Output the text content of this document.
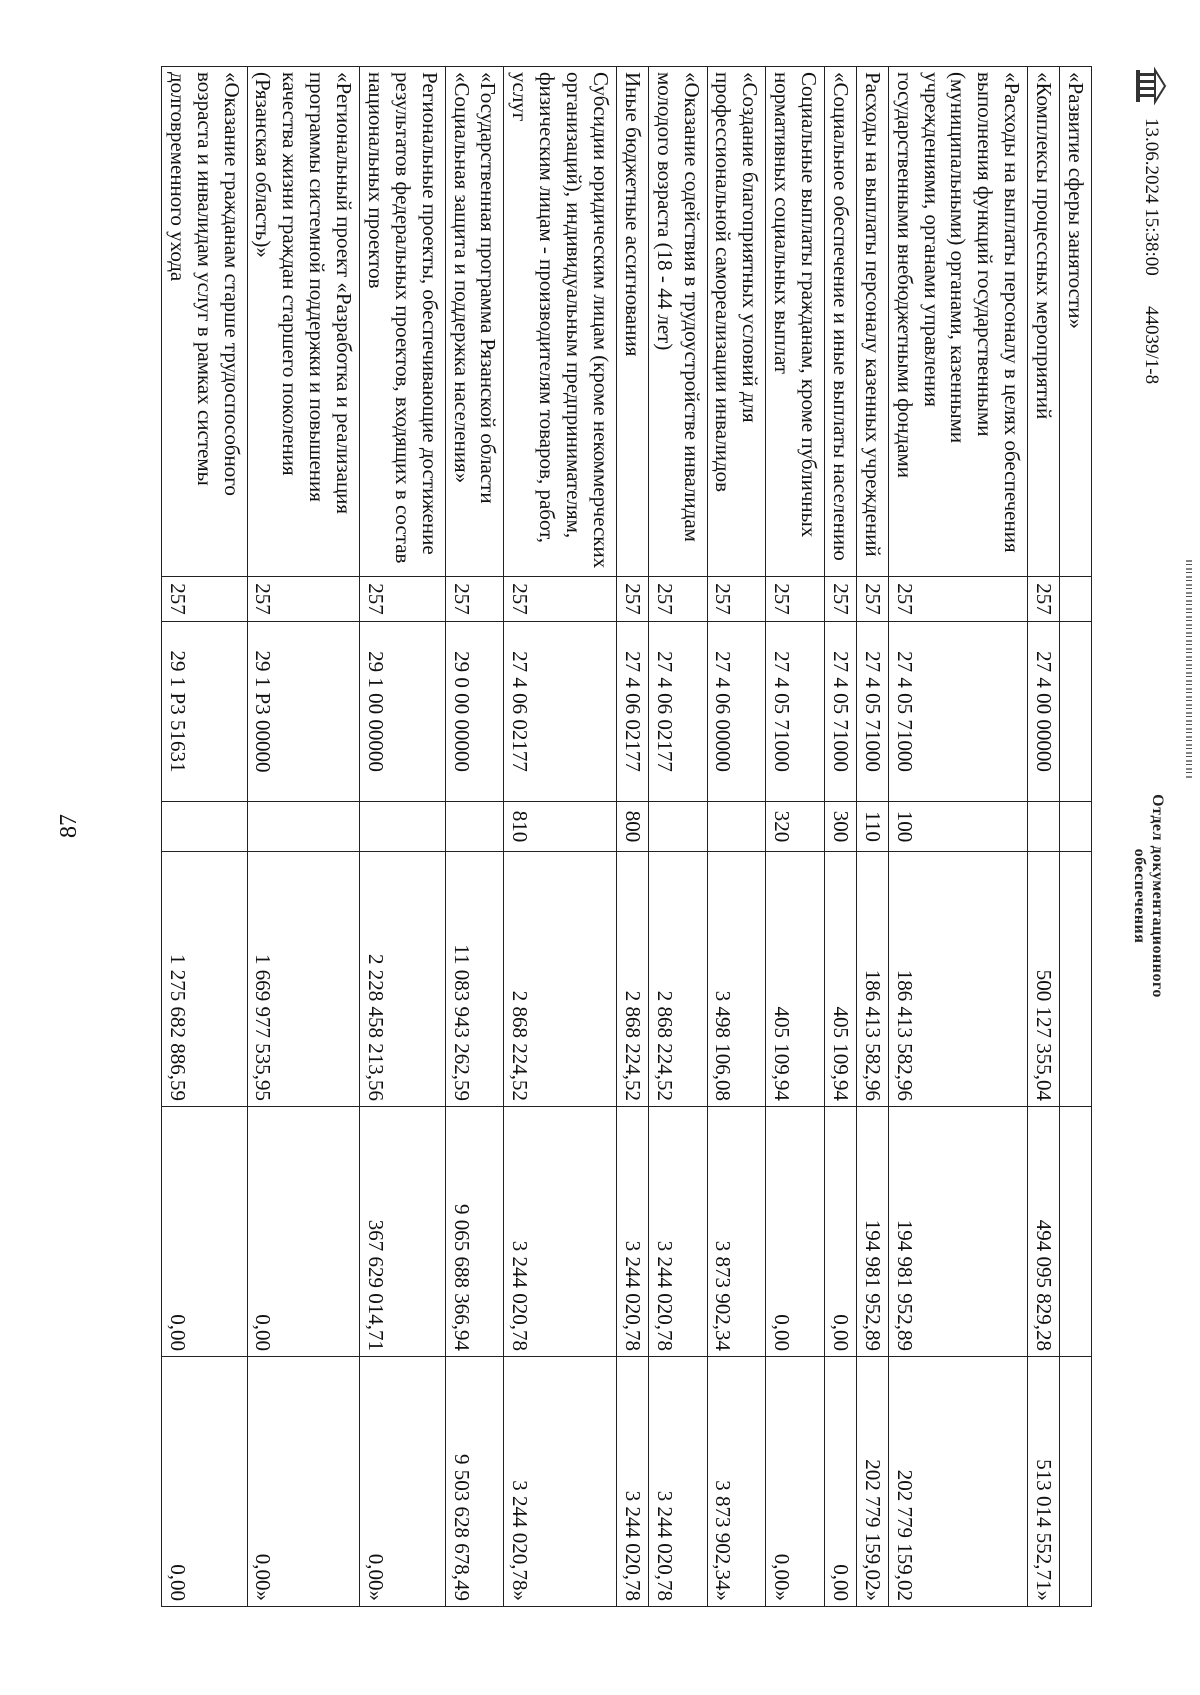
87
«Развитие сферы занятости»						
«Комплексы процессных мероприятий	257	27 4 00 00000		500 127 355,04	494 095 829,28	513 014 552,71»
«Расходы на выплаты персоналу в целях обеспечения выполнения функций государственными (муниципальными) органами, казенными учреждениями, органами управления государственными внебюджетными фондами	257	27 4 05 71000	100	186 413 582,96	194 981 952,89	202 779 159,02
Расходы на выплаты персоналу казенных учреждений	257	27 4 05 71000	110	186 413 582,96	194 981 952,89	202 779 159,02»
«Социальное обеспечение и иные выплаты населению	257	27 4 05 71000	300	405 109,94	0,00	0,00
Социальные выплаты гражданам, кроме публичных нормативных социальных выплат	257	27 4 05 71000	320	405 109,94	0,00	0,00»
«Создание благоприятных условий для профессиональной самореализации инвалидов	257	27 4 06 00000		3 498 106,08	3 873 902,34	3 873 902,34»
«Оказание содействия в трудоустройстве инвалидам молодого возраста (18 - 44 лет)	257	27 4 06 02177		2 868 224,52	3 244 020,78	3 244 020,78
Иные бюджетные ассигнования	257	27 4 06 02177	800	2 868 224,52	3 244 020,78	3 244 020,78
Субсидии юридическим лицам (кроме некоммерческих организаций), индивидуальным предпринимателям, физическим лицам - производителям товаров, работ, услуг	257	27 4 06 02177	810	2 868 224,52	3 244 020,78	3 244 020,78»
«Государственная программа Рязанской области «Социальная защита и поддержка населения»	257	29 0 00 00000		11 083 943 262,59	9 065 688 366,94	9 503 628 678,49
Региональные проекты, обеспечивающие достижение результатов федеральных проектов, входящих в состав национальных проектов	257	29 1 00 00000		2 228 458 213,56	367 629 014,71	0,00»
«Региональный проект «Разработка и реализация программы системной поддержки и повышения качества жизни граждан старшего поколения (Рязанская область)»	257	29 1 P3 00000		1 669 977 535,95	0,00	0,00»
«Оказание гражданам старше трудоспособного возраста и инвалидам услуг в рамках системы долговременного ухода	257	29 1 P3 51631		1 275 682 886,59	0,00	0,00
13.06.2024 15:38:00
44039/1-8
Отдел документационного
обеспечения
